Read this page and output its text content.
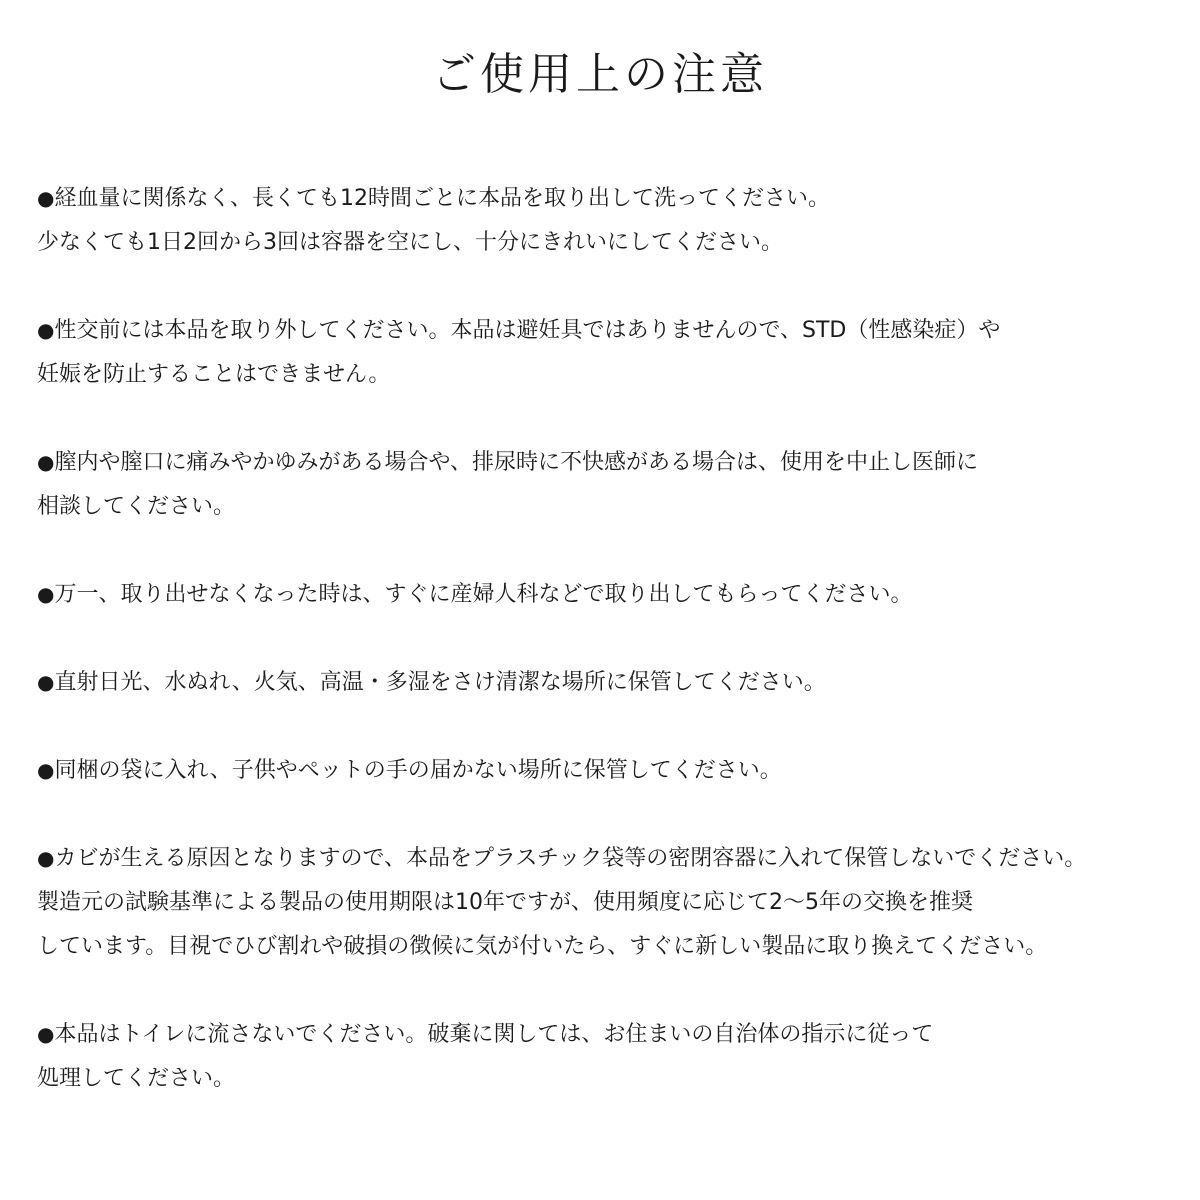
ご使用上の注意
●経血量に関係なく、長くても12時間ごとに本品を取り出して洗ってください。
少なくても1日2回から3回は容器を空にし、十分にきれいにしてください。
●性交前には本品を取り外してください。本品は避妊具ではありませんので、STD（性感染症）や
妊娠を防止することはできません。
●膣内や膣口に痛みやかゆみがある場合や、排尿時に不快感がある場合は、使用を中止し医師に
相談してください。
●万一、取り出せなくなった時は、すぐに産婦人科などで取り出してもらってください。
●直射日光、水ぬれ、火気、高温・多湿をさけ清潔な場所に保管してください。
●同梱の袋に入れ、子供やペットの手の届かない場所に保管してください。
●カビが生える原因となりますので、本品をプラスチック袋等の密閉容器に入れて保管しないでください。
製造元の試験基準による製品の使用期限は10年ですが、使用頻度に応じて2〜5年の交換を推奨
しています。目視でひび割れや破損の徴候に気が付いたら、すぐに新しい製品に取り換えてください。
●本品はトイレに流さないでください。破棄に関しては、お住まいの自治体の指示に従って
処理してください。
